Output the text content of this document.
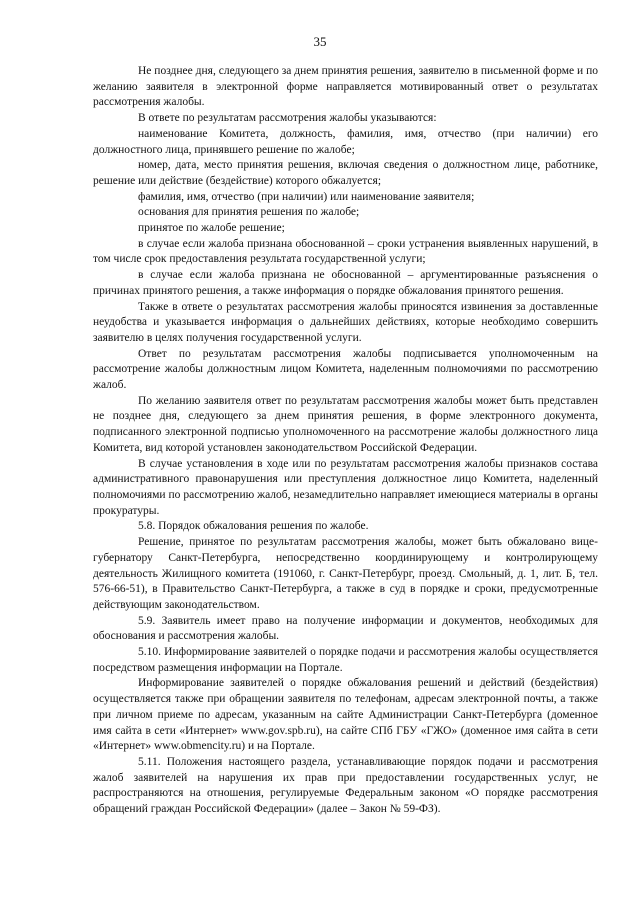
35

Не позднее дня, следующего за днем принятия решения, заявителю в письменной форме и по желанию заявителя в электронной форме направляется мотивированный ответ о результатах рассмотрения жалобы.

В ответе по результатам рассмотрения жалобы указываются:

наименование Комитета, должность, фамилия, имя, отчество (при наличии) его должностного лица, принявшего решение по жалобе;

номер, дата, место принятия решения, включая сведения о должностном лице, работнике, решение или действие (бездействие) которого обжалуется;

фамилия, имя, отчество (при наличии) или наименование заявителя;

основания для принятия решения по жалобе;

принятое по жалобе решение;

в случае если жалоба признана обоснованной – сроки устранения выявленных нарушений, в том числе срок предоставления результата государственной услуги;

в случае если жалоба признана не обоснованной – аргументированные разъяснения о причинах принятого решения, а также информация о порядке обжалования принятого решения.

Также в ответе о результатах рассмотрения жалобы приносятся извинения за доставленные неудобства и указывается информация о дальнейших действиях, которые необходимо совершить заявителю в целях получения государственной услуги.

Ответ по результатам рассмотрения жалобы подписывается уполномоченным на рассмотрение жалобы должностным лицом Комитета, наделенным полномочиями по рассмотрению жалоб.

По желанию заявителя ответ по результатам рассмотрения жалобы может быть представлен не позднее дня, следующего за днем принятия решения, в форме электронного документа, подписанного электронной подписью уполномоченного на рассмотрение жалобы должностного лица Комитета, вид которой установлен законодательством Российской Федерации.

В случае установления в ходе или по результатам рассмотрения жалобы признаков состава административного правонарушения или преступления должностное лицо Комитета, наделенный полномочиями по рассмотрению жалоб, незамедлительно направляет имеющиеся материалы в органы прокуратуры.

5.8. Порядок обжалования решения по жалобе.

Решение, принятое по результатам рассмотрения жалобы, может быть обжаловано вице-губернатору Санкт-Петербурга, непосредственно координирующему и контролирующему деятельность Жилищного комитета (191060, г. Санкт-Петербург, проезд. Смольный, д. 1, лит. Б, тел. 576-66-51), в Правительство Санкт-Петербурга, а также в суд в порядке и сроки, предусмотренные действующим законодательством.

5.9. Заявитель имеет право на получение информации и документов, необходимых для обоснования и рассмотрения жалобы.

5.10. Информирование заявителей о порядке подачи и рассмотрения жалобы осуществляется посредством размещения информации на Портале.

Информирование заявителей о порядке обжалования решений и действий (бездействия) осуществляется также при обращении заявителя по телефонам, адресам электронной почты, а также при личном приеме по адресам, указанным на сайте Администрации Санкт-Петербурга (доменное имя сайта в сети «Интернет» www.gov.spb.ru), на сайте СПб ГБУ «ГЖО» (доменное имя сайта в сети «Интернет» www.obmencity.ru) и на Портале.

5.11. Положения настоящего раздела, устанавливающие порядок подачи и рассмотрения жалоб заявителей на нарушения их прав при предоставлении государственных услуг, не распространяются на отношения, регулируемые Федеральным законом «О порядке рассмотрения обращений граждан Российской Федерации» (далее – Закон № 59-ФЗ).
